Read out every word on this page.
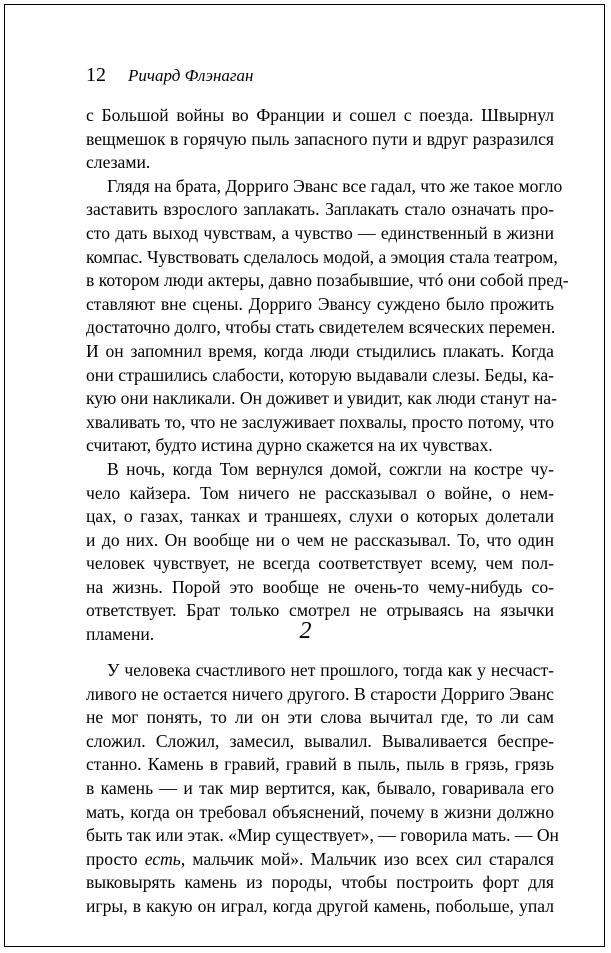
12 Ричард Флэнаган
с Большой войны во Франции и сошел с поезда. Швырнул
вещмешок в горячую пыль запасного пути и вдруг разразился
слезами.
Глядя на брата, Дорриго Эванс все гадал, что же такое могло
заставить взрослого заплакать. Заплакать стало означать про-
сто дать выход чувствам, а чувство — единственный в жизни
компас. Чувствовать сделалось модой, а эмоция стала театром,
в котором люди актеры, давно позабывшие, чтó они собой пред-
ставляют вне сцены. Дорриго Эвансу суждено было прожить
достаточно долго, чтобы стать свидетелем всяческих перемен.
И он запомнил время, когда люди стыдились плакать. Когда
они страшились слабости, которую выдавали слезы. Беды, ка-
кую они накликали. Он доживет и увидит, как люди станут на-
хваливать то, что не заслуживает похвалы, просто потому, что
считают, будто истина дурно скажется на их чувствах.
В ночь, когда Том вернулся домой, сожгли на костре чу-
чело кайзера. Том ничего не рассказывал о войне, о нем-
цах, о газах, танках и траншеях, слухи о которых долетали
и до них. Он вообще ни о чем не рассказывал. То, что один
человек чувствует, не всегда соответствует всему, чем пол-
на жизнь. Порой это вообще не очень-то чему-нибудь со-
ответствует. Брат только смотрел не отрываясь на язычки
пламени.	2
У человека счастливого нет прошлого, тогда как у несчаст-
ливого не остается ничего другого. В старости Дорриго Эванс
не мог понять, то ли он эти слова вычитал где, то ли сам
сложил. Сложил, замесил, вывалил. Вываливается беспре-
станно. Камень в гравий, гравий в пыль, пыль в грязь, грязь
в камень — и так мир вертится, как, бывало, говаривала его
мать, когда он требовал объяснений, почему в жизни должно
быть так или этак. «Мир существует», — говорила мать. — Он
просто есть, мальчик мой». Мальчик изо всех сил старался
выковырять камень из породы, чтобы построить форт для
игры, в какую он играл, когда другой камень, побольше, упал
